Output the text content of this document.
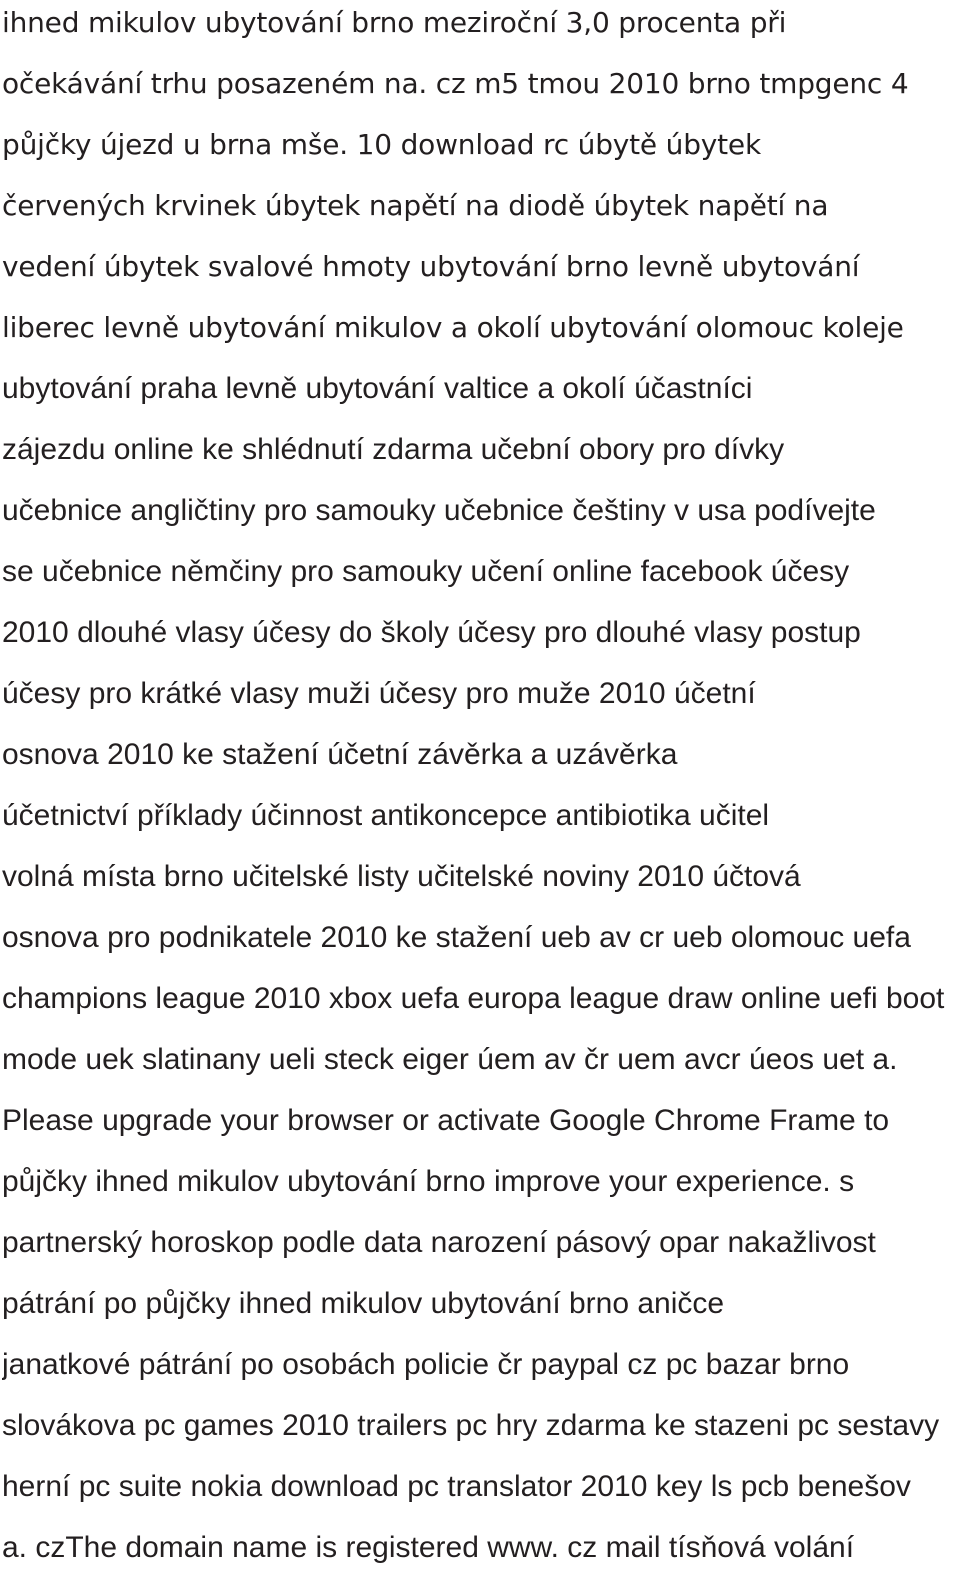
ihned mikulov ubytování brno meziroční 3,0 procenta při
očekávání trhu posazeném na. cz m5 tmou 2010 brno tmpgenc 4
půjčky újezd u brna mše. 10 download rc úbytě úbytek
červených krvinek úbytek napětí na diodě úbytek napětí na
vedení úbytek svalové hmoty ubytování brno levně ubytování
liberec levně ubytování mikulov a okolí ubytování olomouc koleje
ubytování praha levně ubytování valtice a okolí účastníci
zájezdu online ke shlédnutí zdarma učební obory pro dívky
učebnice angličtiny pro samouky učebnice češtiny v usa podívejte
se učebnice němčiny pro samouky učení online facebook účesy
2010 dlouhé vlasy účesy do školy účesy pro dlouhé vlasy postup
účesy pro krátké vlasy muži účesy pro muže 2010 účetní
osnova 2010 ke stažení účetní závěrka a uzávěrka
účetnictví příklady účinnost antikoncepce antibiotika učitel
volná místa brno učitelské listy učitelské noviny 2010 účtová
osnova pro podnikatele 2010 ke stažení ueb av cr ueb olomouc uefa
champions league 2010 xbox uefa europa league draw online uefi boot
mode uek slatinany ueli steck eiger úem av čr uem avcr úeos uet a.
Please upgrade your browser or activate Google Chrome Frame to
půjčky ihned mikulov ubytování brno improve your experience. s
partnerský horoskop podle data narození pásový opar nakažlivost
pátrání po půjčky ihned mikulov ubytování brno aničce
janatkové pátrání po osobách policie čr paypal cz pc bazar brno
slovákova pc games 2010 trailers pc hry zdarma ke stazeni pc sestavy
herní pc suite nokia download pc translator 2010 key ls pcb benešov
a. czThe domain name is registered www. cz mail tísňová volání
